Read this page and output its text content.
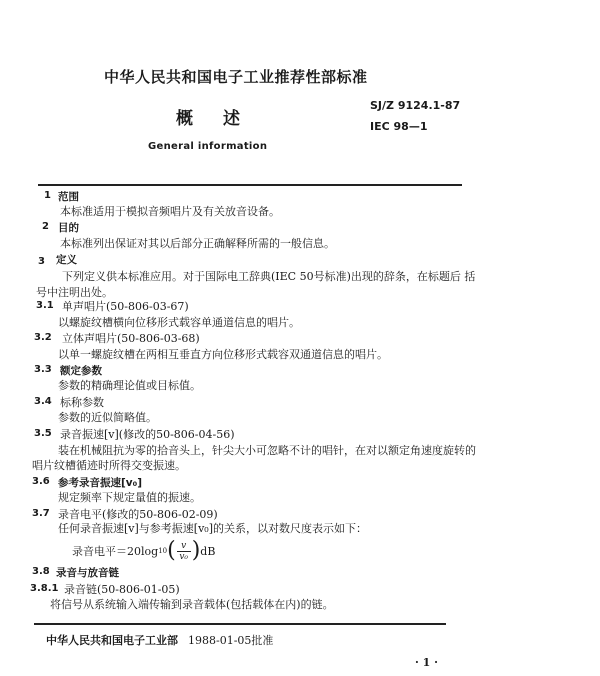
中华人民共和国电子工业推荐性部标准
概 述
SJ/Z 9124.1-87
IEC 98—1
General information
1 范围
本标准适用于模拟音频唱片及有关放音设备。
2 目的
本标准列出保证对其以后部分正确解释所需的一般信息。
3 定义
下列定义供本标准应用。对于国际电工辞典(IEC 50号标准)出现的辞条，在标题后 括
号中注明出处。
3.1 单声唱片(50-806-03-67)
以螺旋纹槽横向位移形式载容单通道信息的唱片。
3.2 立体声唱片(50-806-03-68)
以单一螺旋纹槽在两相互垂直方向位移形式载容双通道信息的唱片。
3.3 额定参数
参数的精确理论值或目标值。
3.4 标称参数
参数的近似简略值。
3.5 录音振速[v](修改的50-806-04-56)
装在机械阻抗为零的拾音头上，针尖大小可忽略不计的唱针，在对以额定角速度旋转的
唱片纹槽循迹时所得交变振速。
3.6 参考录音振速[v₀]
规定频率下规定量值的振速。
3.7 录音电平(修改的50-806-02-09)
任何录音振速[v]与参考振速[v₀]的关系，以对数尺度表示如下：
录音电平＝20log 10 ( $\frac{v}{\text{v₀}}$ ) dB
3.8 录音与放音链
3.8.1 录音链(50-806-01-05)
将信号从系统输入端传输到录音载体(包括载体在内)的链。
中华人民共和国电子工业部 1988-01-05批准
· 1 ·
